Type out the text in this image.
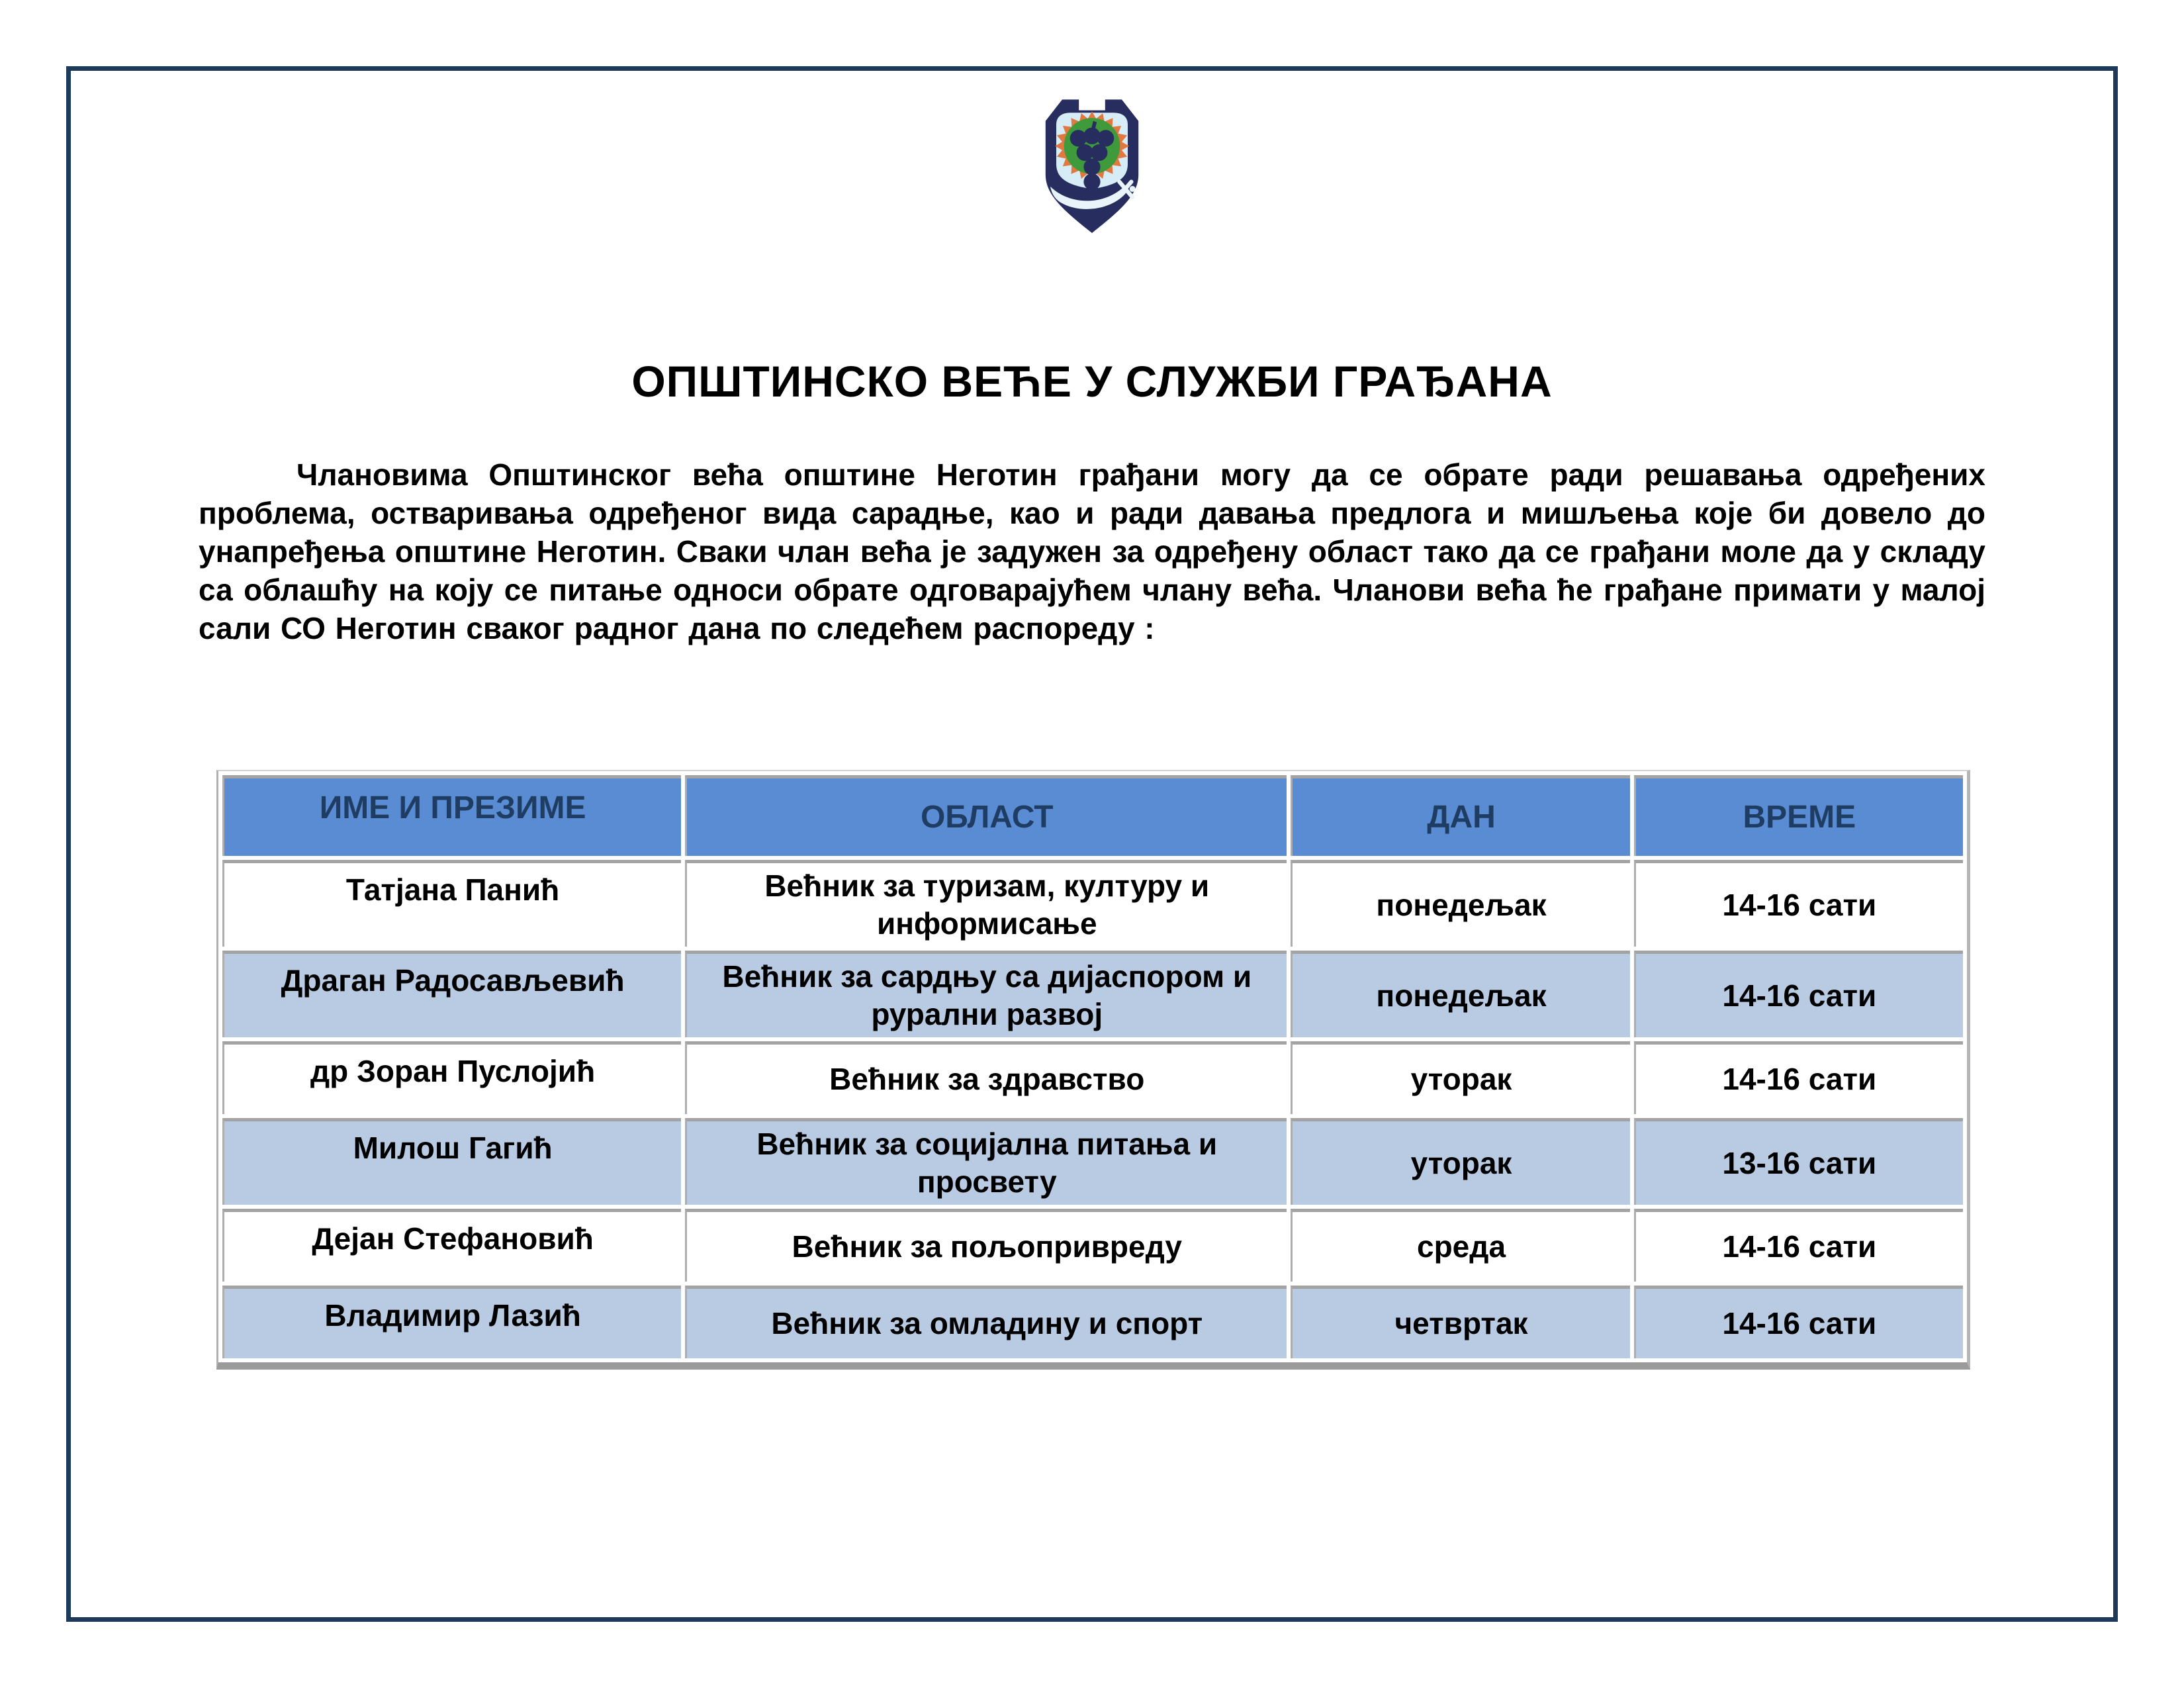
ОПШТИНСКО ВЕЋЕ У СЛУЖБИ ГРАЂАНА

Члановима Општинског већа општине Неготин грађани могу да се обрате ради решавања одређених проблема, остваривања одређеног вида сарадње, као и ради давања предлога и мишљења које би довело до унапређења општине Неготин. Сваки члан већа је задужен за одређену област тако да се грађани моле да у складу са облашћу на коју се питање односи обрате одговарајућем члану већа. Чланови већа ће грађане примати у малој сали СО Неготин сваког радног дана по следећем распореду :

ИМЕ И ПРЕЗИМЕ	ОБЛАСТ	ДАН	ВРЕМЕ
Татјана Панић	Већник за туризам, културу и информисање	понедељак	14-16 сати
Драган Радосављевић	Већник за сардњу са дијаспором и рурални развој	понедељак	14-16 сати
др Зоран Пуслојић	Већник за здравство	уторак	14-16 сати
Милош Гагић	Већник за социјална питања и просвету	уторак	13-16 сати
Дејан Стефановић	Већник за пољопривреду	среда	14-16 сати
Владимир Лазић	Већник за омладину и спорт	четвртак	14-16 сати
